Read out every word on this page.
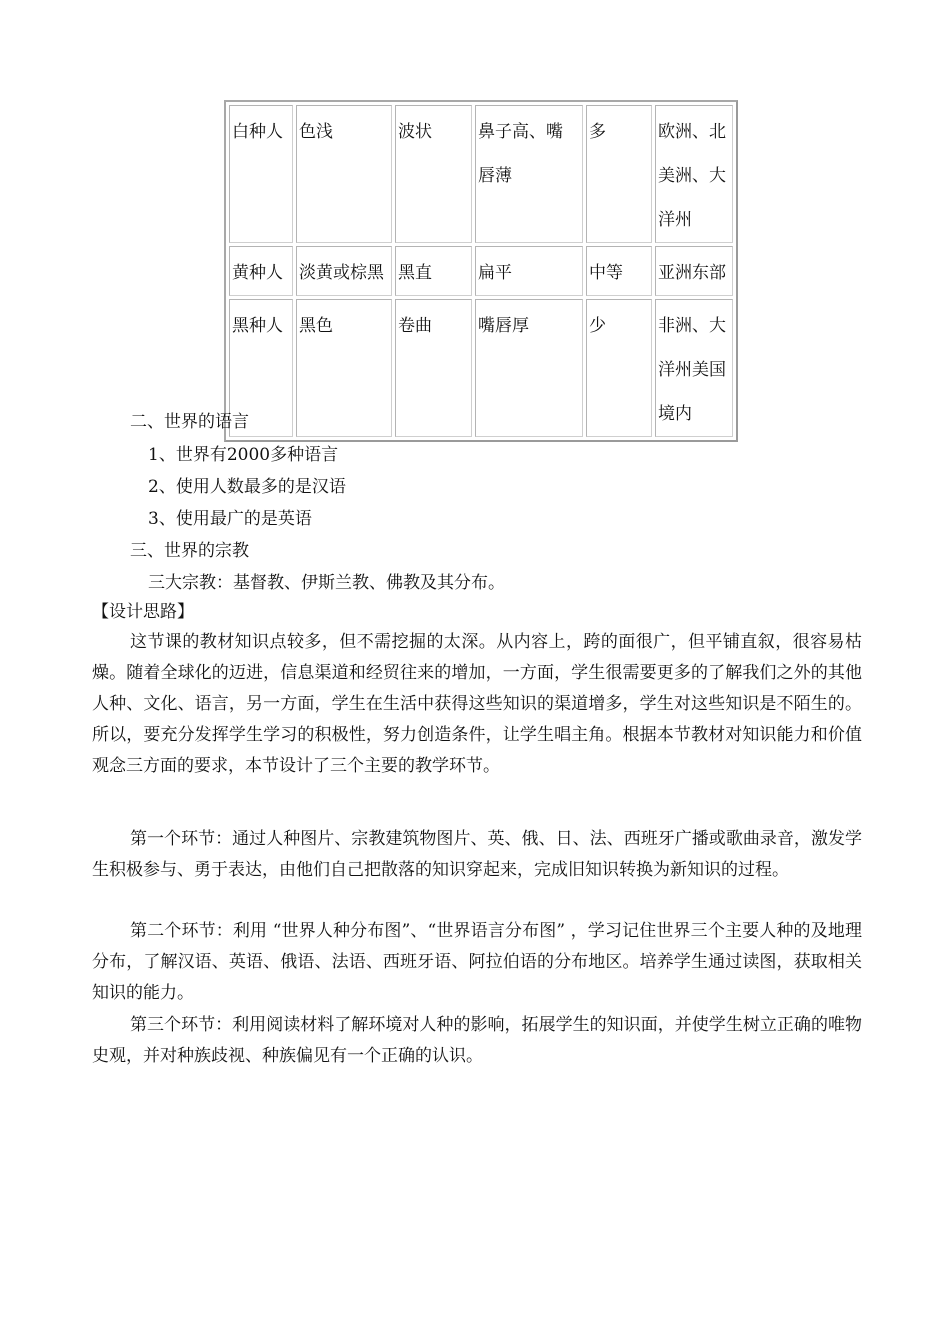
白种人	色浅	波状	鼻子高、嘴唇薄	多	欧洲、北美洲、大洋州

黄种人	淡黄或棕黑	黑直	扁平	中等	亚洲东部

黑种人	黑色	卷曲	嘴唇厚	少	非洲、大洋州美国境内
二、世界的语言
1、世界有2000多种语言
2、使用人数最多的是汉语
3、使用最广的是英语
三、世界的宗教
三大宗教：基督教、伊斯兰教、佛教及其分布。
【设计思路】
这节课的教材知识点较多，但不需挖掘的太深。从内容上，跨的面很广，但平铺直叙，很容易枯燥。随着全球化的迈进，信息渠道和经贸往来的增加，一方面，学生很需要更多的了解我们之外的其他人种、文化、语言，另一方面，学生在生活中获得这些知识的渠道增多，学生对这些知识是不陌生的。所以，要充分发挥学生学习的积极性，努力创造条件，让学生唱主角。根据本节教材对知识能力和价值观念三方面的要求，本节设计了三个主要的教学环节。
第一个环节：通过人种图片、宗教建筑物图片、英、俄、日、法、西班牙广播或歌曲录音，激发学生积极参与、勇于表达，由他们自己把散落的知识穿起来，完成旧知识转换为新知识的过程。
第二个环节：利用 “世界人种分布图”、“世界语言分布图” ，学习记住世界三个主要人种的及地理分布，了解汉语、英语、俄语、法语、西班牙语、阿拉伯语的分布地区。培养学生通过读图，获取相关知识的能力。
第三个环节：利用阅读材料了解环境对人种的影响，拓展学生的知识面，并使学生树立正确的唯物史观，并对种族歧视、种族偏见有一个正确的认识。
